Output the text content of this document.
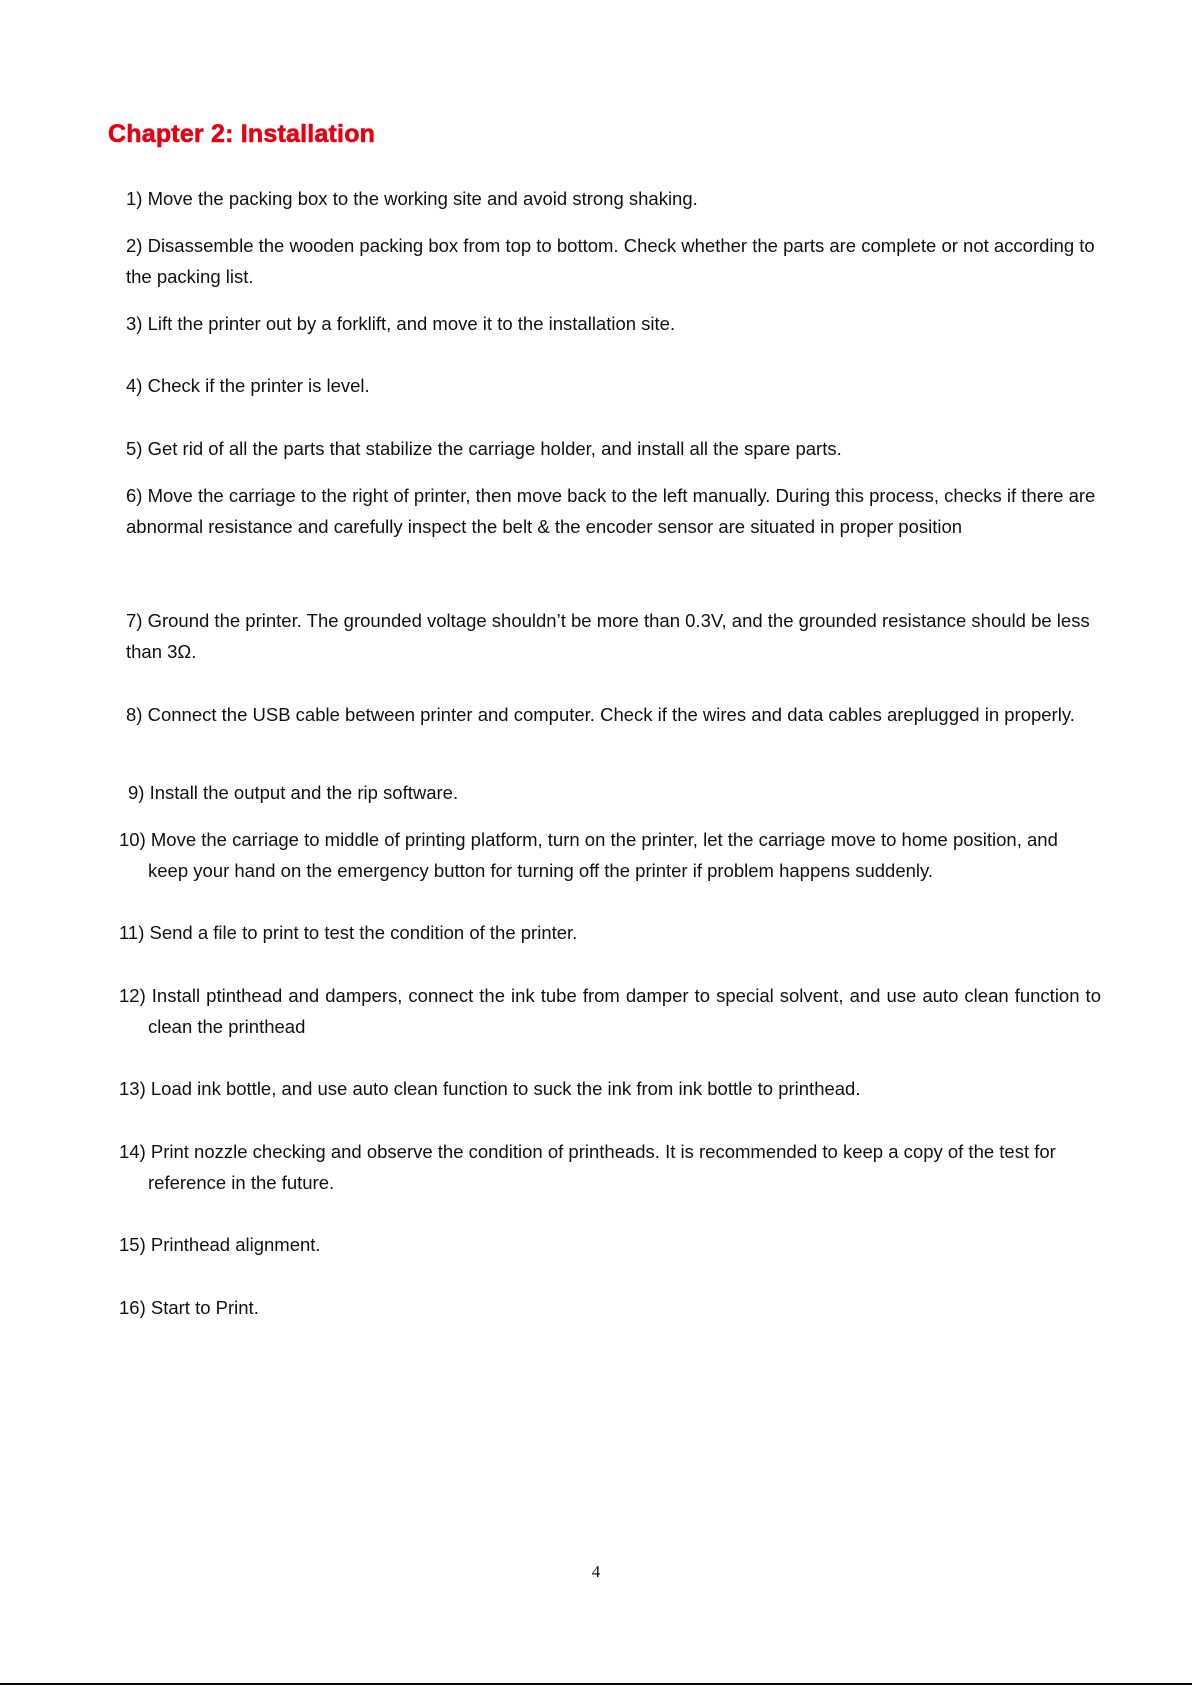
Chapter 2: Installation

1) Move the packing box to the working site and avoid strong shaking.

2) Disassemble the wooden packing box from top to bottom. Check whether the parts are complete or not according to the packing list.

3) Lift the printer out by a forklift, and move it to the installation site.

4) Check if the printer is level.

5) Get rid of all the parts that stabilize the carriage holder, and install all the spare parts.

6) Move the carriage to the right of printer, then move back to the left manually. During this process, checks if there are abnormal resistance and carefully inspect the belt & the encoder sensor are situated in proper position

7) Ground the printer. The grounded voltage shouldn’t be more than 0.3V, and the grounded resistance should be less than 3Ω.

8) Connect the USB cable between printer and computer. Check if the wires and data cables areplugged in properly.

9) Install the output and the rip software.

10) Move the carriage to middle of printing platform, turn on the printer, let the carriage move to home position, and keep your hand on the emergency button for turning off the printer if problem happens suddenly.

11) Send a file to print to test the condition of the printer.

12) Install ptinthead and dampers, connect the ink tube from damper to special solvent, and use auto clean function to clean the printhead

13) Load ink bottle, and use auto clean function to suck the ink from ink bottle to printhead.

14) Print nozzle checking and observe the condition of printheads. It is recommended to keep a copy of the test for reference in the future.

15) Printhead alignment.

16) Start to Print.

4
